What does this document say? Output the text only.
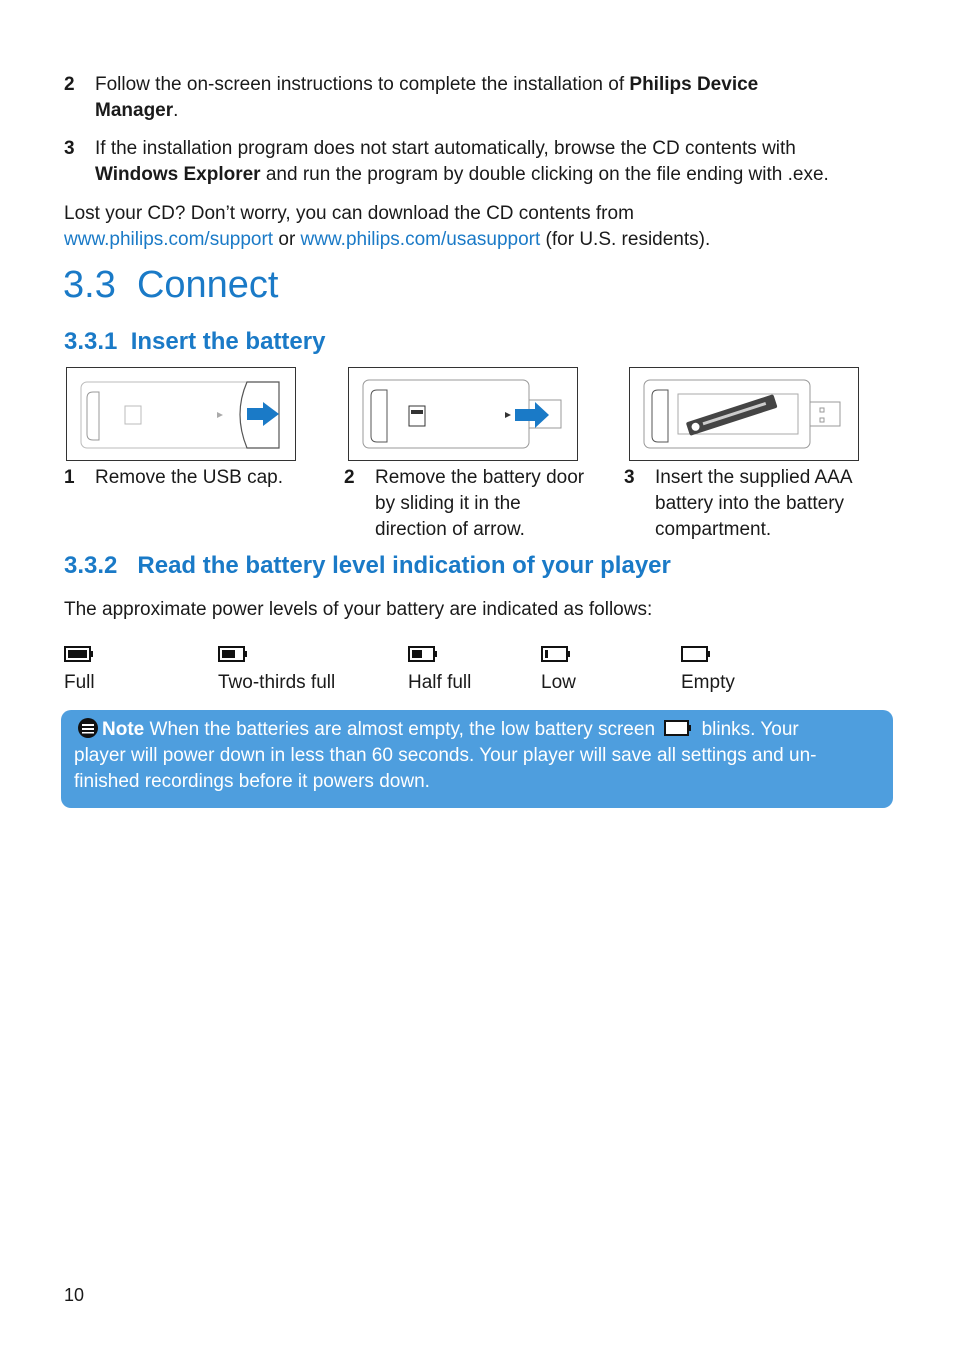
2 Follow the on-screen instructions to complete the installation of Philips Device
Manager.
3 If the installation program does not start automatically, browse the CD contents with
Windows Explorer and run the program by double clicking on the file ending with .exe.
Lost your CD? Don’t worry, you can download the CD contents from
www.philips.com/support or www.philips.com/usasupport (for U.S. residents).
3.3  Connect
3.3.1  Insert the battery
1 Remove the USB cap.	2 Remove the battery door
by sliding it in the
direction of arrow.
3 Insert the supplied AAA
battery into the battery
compartment.
3.3.2   Read the battery level indication of your player
The approximate power levels of your battery are indicated as follows:
Full	Two-thirds full	Half full	Low	Empty
Note When the batteries are almost empty, the low battery screen  blinks. Your
player will power down in less than 60 seconds. Your player will save all settings and un-
finished recordings before it powers down.
10
